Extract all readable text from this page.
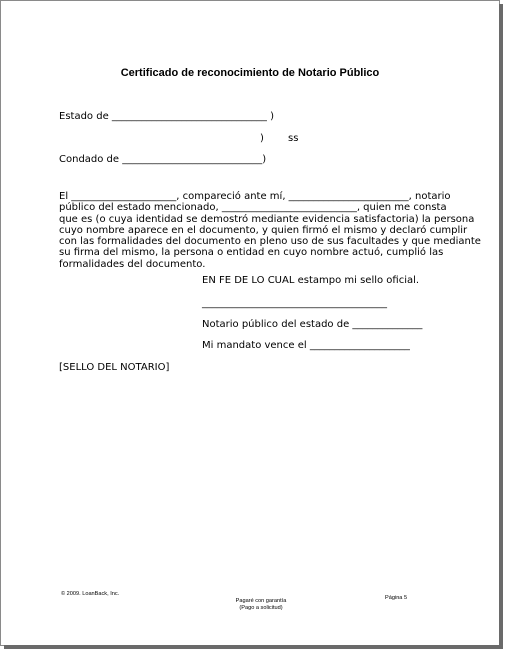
Certificado de reconocimiento de Notario Público
Estado de _______________________________ )
) ss
Condado de ____________________________)
El _____________________, compareció ante mí, ________________________, notario
público del estado mencionado, ___________________________, quien me consta
que es (o cuya identidad se demostró mediante evidencia satisfactoria) la persona
cuyo nombre aparece en el documento, y quien firmó el mismo y declaró cumplir
con las formalidades del documento en pleno uso de sus facultades y que mediante
su firma del mismo, la persona o entidad en cuyo nombre actuó, cumplió las
formalidades del documento.
EN FE DE LO CUAL estampo mi sello oficial.
_____________________________________
Notario público del estado de ______________
Mi mandato vence el ____________________
[SELLO DEL NOTARIO]
© 2009. LoanBack, Inc.
Pagaré con garantía
(Pago a solicitud)
Página 5
